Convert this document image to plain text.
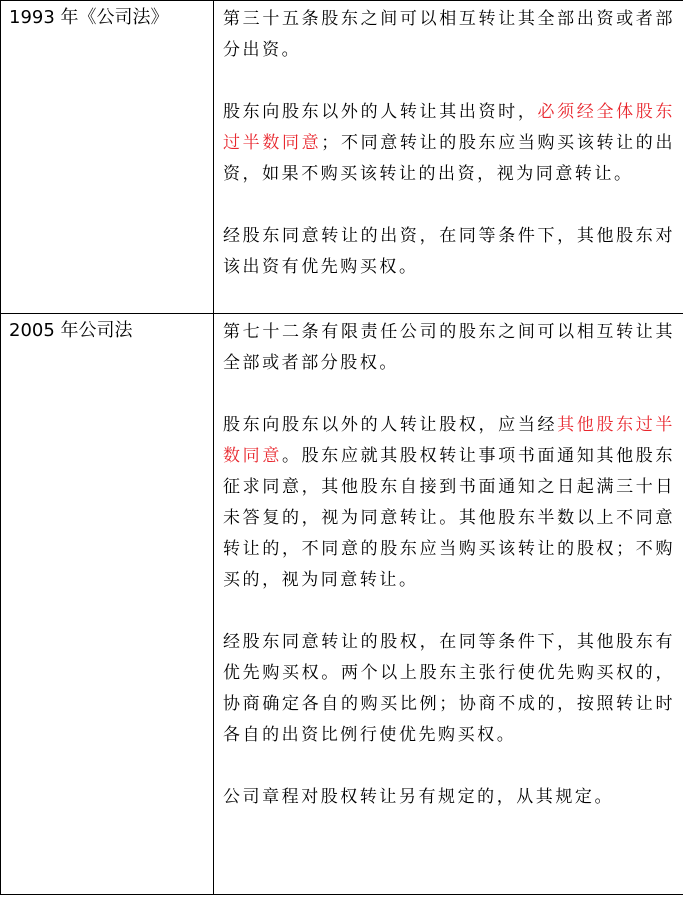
1993 年《公司法》	第三十五条股东之间可以相互转让其全部出资或者部分出资。

股东向股东以外的人转让其出资时，必须经全体股东过半数同意；不同意转让的股东应当购买该转让的出资，如果不购买该转让的出资，视为同意转让。

经股东同意转让的出资，在同等条件下，其他股东对该出资有优先购买权。

2005 年公司法	第七十二条有限责任公司的股东之间可以相互转让其全部或者部分股权。

股东向股东以外的人转让股权，应当经其他股东过半数同意。股东应就其股权转让事项书面通知其他股东征求同意，其他股东自接到书面通知之日起满三十日未答复的，视为同意转让。其他股东半数以上不同意转让的，不同意的股东应当购买该转让的股权；不购买的，视为同意转让。

经股东同意转让的股权，在同等条件下，其他股东有优先购买权。两个以上股东主张行使优先购买权的，协商确定各自的购买比例；协商不成的，按照转让时各自的出资比例行使优先购买权。

公司章程对股权转让另有规定的，从其规定。
